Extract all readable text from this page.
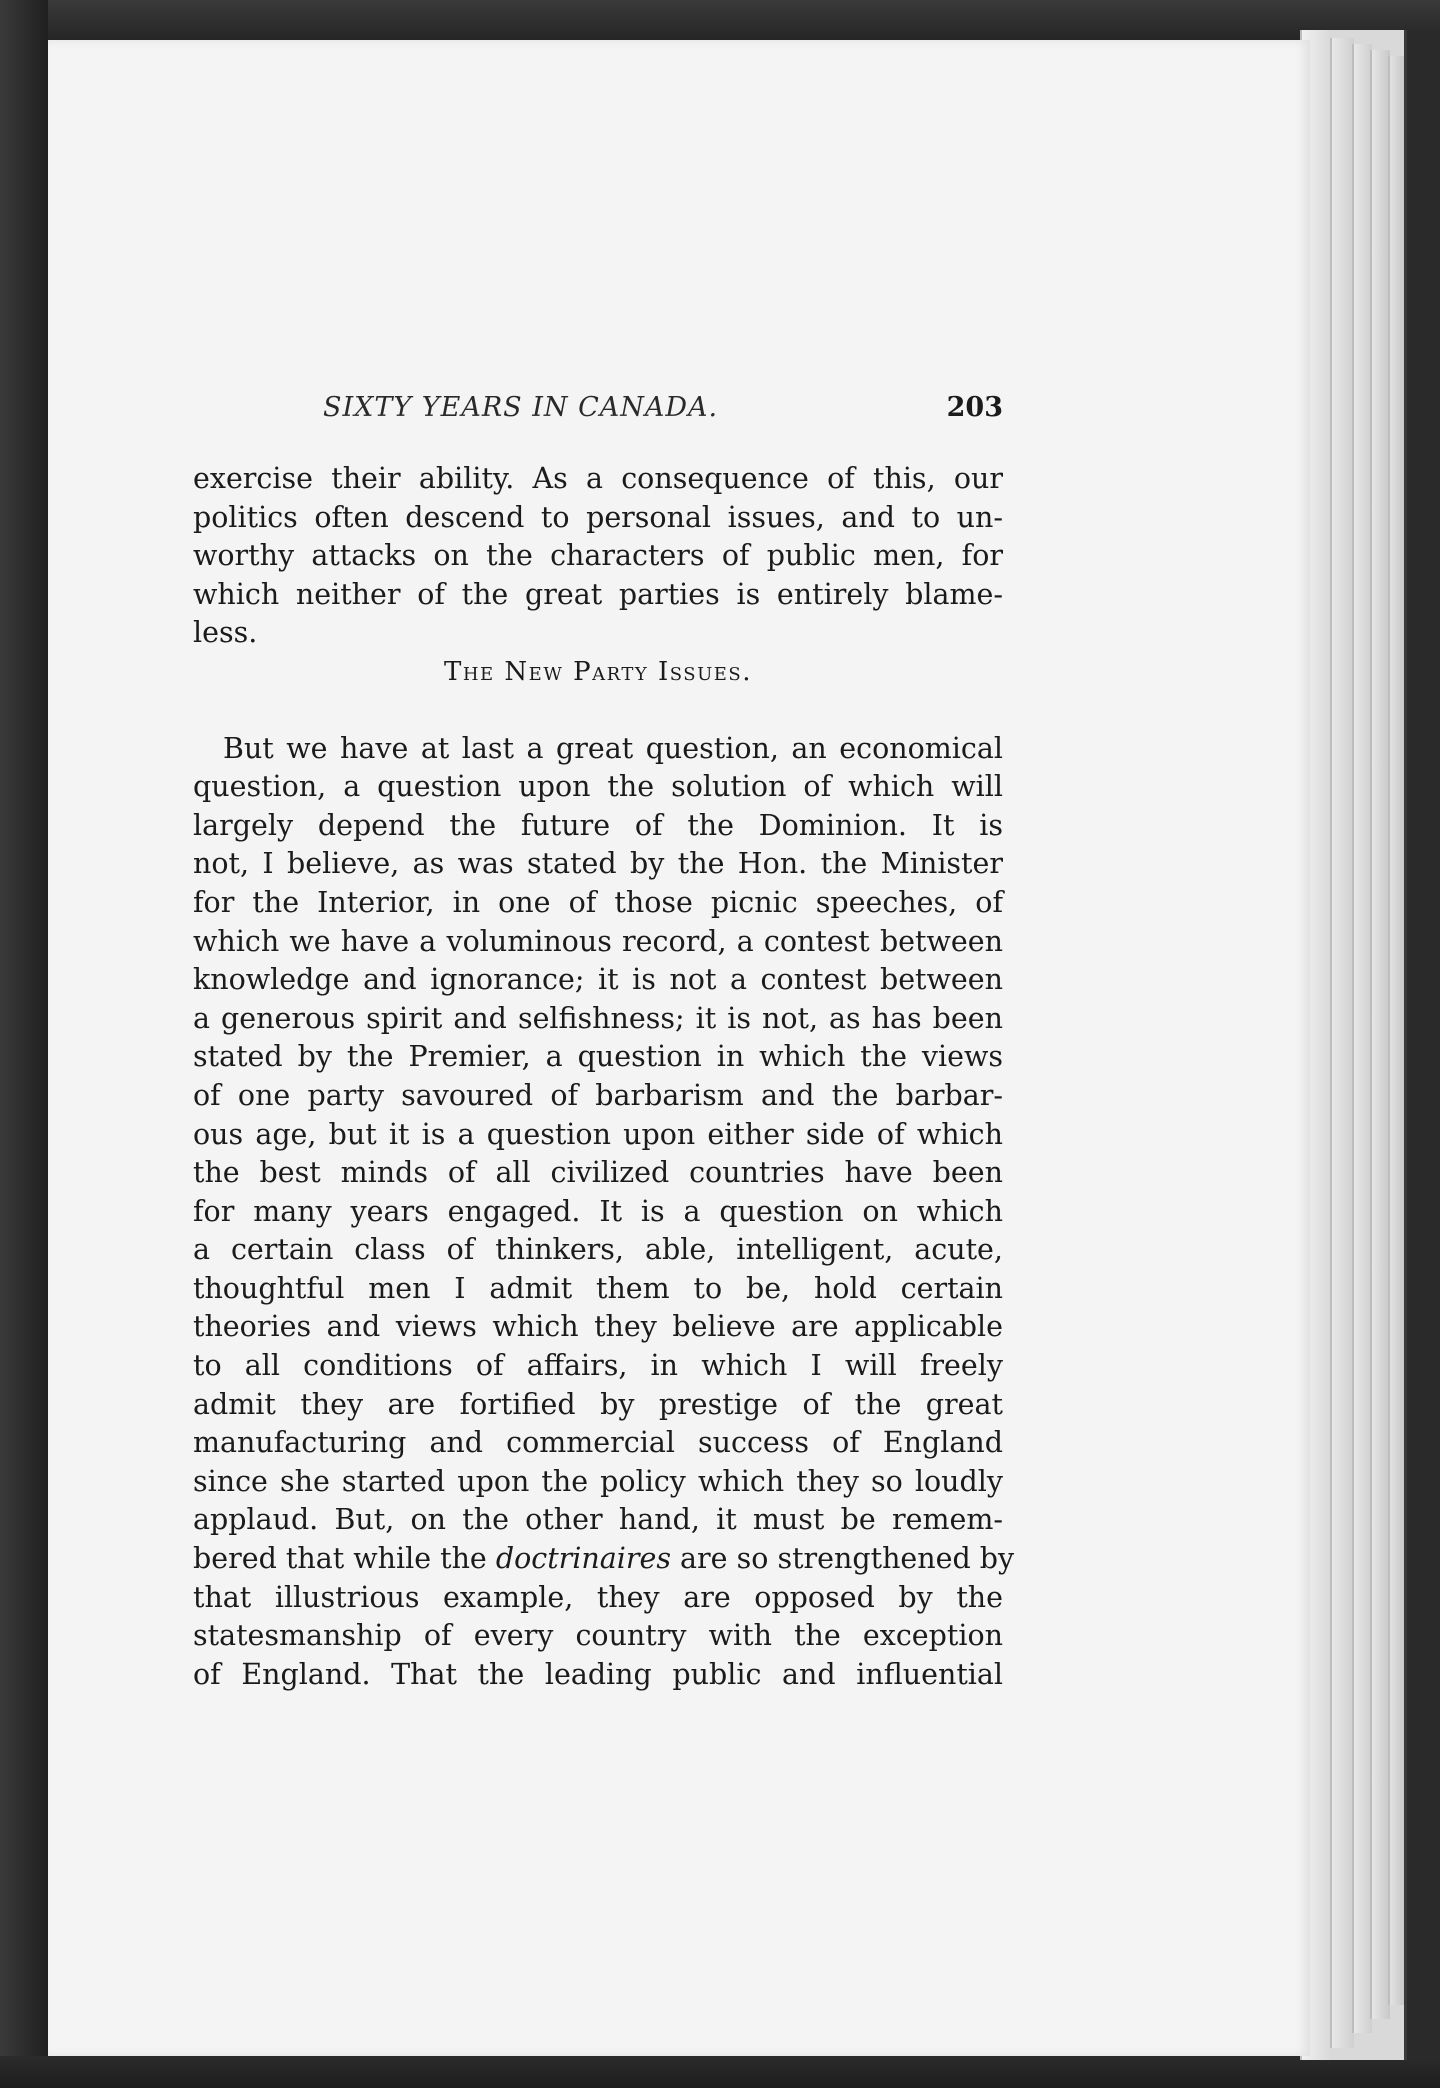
SIXTY YEARS IN CANADA.	203
exercise their ability. As a consequence of this, our
politics often descend to personal issues, and to un-
worthy attacks on the characters of public men, for
which neither of the great parties is entirely blame-
less.
The New Party Issues.
But we have at last a great question, an economical
question, a question upon the solution of which will
largely depend the future of the Dominion. It is
not, I believe, as was stated by the Hon. the Minister
for the Interior, in one of those picnic speeches, of
which we have a voluminous record, a contest between
knowledge and ignorance; it is not a contest between
a generous spirit and selfishness; it is not, as has been
stated by the Premier, a question in which the views
of one party savoured of barbarism and the barbar-
ous age, but it is a question upon either side of which
the best minds of all civilized countries have been
for many years engaged. It is a question on which
a certain class of thinkers, able, intelligent, acute,
thoughtful men I admit them to be, hold certain
theories and views which they believe are applicable
to all conditions of affairs, in which I will freely
admit they are fortified by prestige of the great
manufacturing and commercial success of England
since she started upon the policy which they so loudly
applaud. But, on the other hand, it must be remem-
bered that while the doctrinaires are so strengthened by
that illustrious example, they are opposed by the
statesmanship of every country with the exception
of England. That the leading public and influential
